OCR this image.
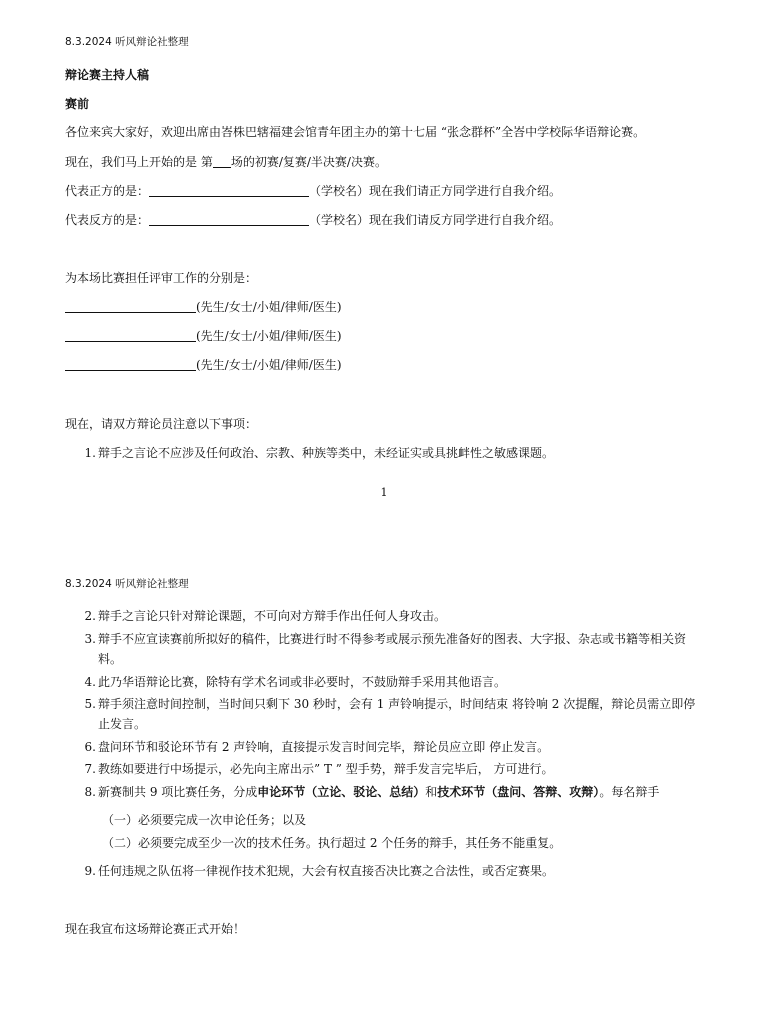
8.3.2024 听风辩论社整理
辩论赛主持人稿
赛前
各位来宾大家好，欢迎出席由峇株巴辖福建会馆青年团主办的第十七届 “张念群杯”全峇中学校际华语辩论赛。
现在，我们马上开始的是 第 场的初赛/复赛/半决赛/决赛。
代表正方的是：	（学校名）现在我们请正方同学进行自我介绍。
代表反方的是：	（学校名）现在我们请反方同学进行自我介绍。
为本场比赛担任评审工作的分别是：
(先生/女士/小姐/律师/医生)
(先生/女士/小姐/律师/医生)
(先生/女士/小姐/律师/医生)
现在，请双方辩论员注意以下事项：
1. 辩手之言论不应涉及任何政治、宗教、种族等类中，未经证实或具挑衅性之敏感课题。
1
8.3.2024 听风辩论社整理
2. 辩手之言论只针对辩论课题，不可向对方辩手作出任何人身攻击。
3. 辩手不应宣读赛前所拟好的稿件，比赛进行时不得参考或展示预先准备好的图表、大字报、杂志或书籍等相关资料。
4. 此乃华语辩论比赛，除特有学术名词或非必要时，不鼓励辩手采用其他语言。
5. 辩手须注意时间控制，当时间只剩下 30 秒时，会有 1 声铃响提示，时间结束 将铃响 2 次提醒，辩论员需立即停止发言。
6. 盘问环节和驳论环节有 2 声铃响，直接提示发言时间完毕，辩论员应立即 停止发言。
7. 教练如要进行中场提示，必先向主席出示” T ” 型手势，辩手发言完毕后， 方可进行。
8. 新赛制共 9 项比赛任务，分成申论环节（立论、驳论、总结）和技术环节（盘问、答辩、攻辩）。每名辩手
（一）必须要完成一次申论任务；以及
（二）必须要完成至少一次的技术任务。执行超过 2 个任务的辩手，其任务不能重复。
9. 任何违规之队伍将一律视作技术犯规，大会有权直接否决比赛之合法性，或否定赛果。
现在我宣布这场辩论赛正式开始！
